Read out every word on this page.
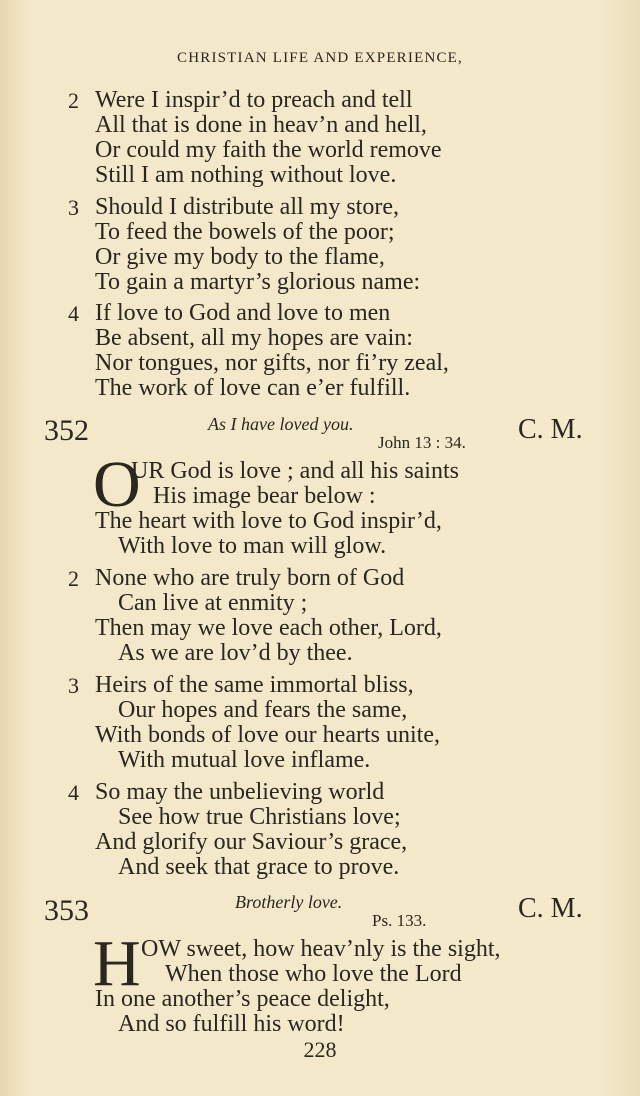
CHRISTIAN LIFE AND EXPERIENCE,
2 Were I inspir’d to preach and tell
All that is done in heav’n and hell,
Or could my faith the world remove
Still I am nothing without love.
3 Should I distribute all my store,
To feed the bowels of the poor;
Or give my body to the flame,
To gain a martyr’s glorious name:
4 If love to God and love to men
Be absent, all my hopes are vain:
Nor tongues, nor gifts, nor fi’ry zeal,
The work of love can e’er fulfill.
352	As I have loved you.
John 13 : 34. C. M.
O
UR God is love ; and all his saints
His image bear below :
The heart with love to God inspir’d,
With love to man will glow.
2 None who are truly born of God
Can live at enmity ;
Then may we love each other, Lord,
As we are lov’d by thee.
3 Heirs of the same immortal bliss,
Our hopes and fears the same,
With bonds of love our hearts unite,
With mutual love inflame.
4 So may the unbelieving world
See how true Christians love;
And glorify our Saviour’s grace,
And seek that grace to prove.
353	Brotherly love.
Ps. 133.	C. M.
H OW sweet, how heav’nly is the sight,
When those who love the Lord
In one another’s peace delight,
And so fulfill his word!
228
